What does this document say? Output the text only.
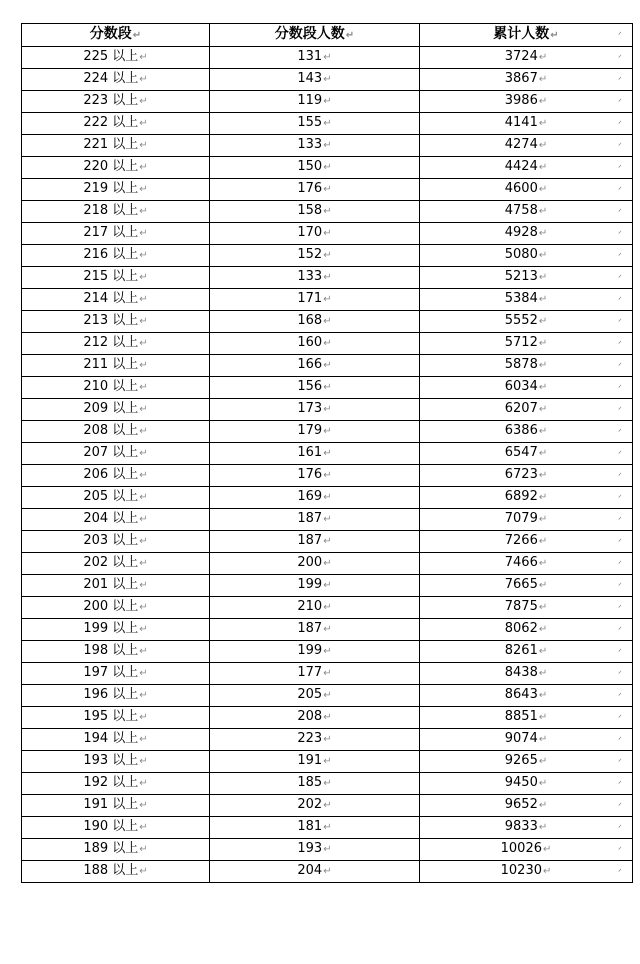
分数段↵	分数段人数↵	累计人数↵
225 以上↵	131↵	3724↵
224 以上↵	143↵	3867↵
223 以上↵	119↵	3986↵
222 以上↵	155↵	4141↵
221 以上↵	133↵	4274↵
220 以上↵	150↵	4424↵
219 以上↵	176↵	4600↵
218 以上↵	158↵	4758↵
217 以上↵	170↵	4928↵
216 以上↵	152↵	5080↵
215 以上↵	133↵	5213↵
214 以上↵	171↵	5384↵
213 以上↵	168↵	5552↵
212 以上↵	160↵	5712↵
211 以上↵	166↵	5878↵
210 以上↵	156↵	6034↵
209 以上↵	173↵	6207↵
208 以上↵	179↵	6386↵
207 以上↵	161↵	6547↵
206 以上↵	176↵	6723↵
205 以上↵	169↵	6892↵
204 以上↵	187↵	7079↵
203 以上↵	187↵	7266↵
202 以上↵	200↵	7466↵
201 以上↵	199↵	7665↵
200 以上↵	210↵	7875↵
199 以上↵	187↵	8062↵
198 以上↵	199↵	8261↵
197 以上↵	177↵	8438↵
196 以上↵	205↵	8643↵
195 以上↵	208↵	8851↵
194 以上↵	223↵	9074↵
193 以上↵	191↵	9265↵
192 以上↵	185↵	9450↵
191 以上↵	202↵	9652↵
190 以上↵	181↵	9833↵
189 以上↵	193↵	10026↵
188 以上↵	204↵	10230↵
ᐟ
ᐟ
ᐟ
ᐟ
ᐟ
ᐟ
ᐟ
ᐟ
ᐟ
ᐟ
ᐟ
ᐟ
ᐟ
ᐟ
ᐟ
ᐟ
ᐟ
ᐟ
ᐟ
ᐟ
ᐟ
ᐟ
ᐟ
ᐟ
ᐟ
ᐟ
ᐟ
ᐟ
ᐟ
ᐟ
ᐟ
ᐟ
ᐟ
ᐟ
ᐟ
ᐟ
ᐟ
ᐟ
ᐟ
